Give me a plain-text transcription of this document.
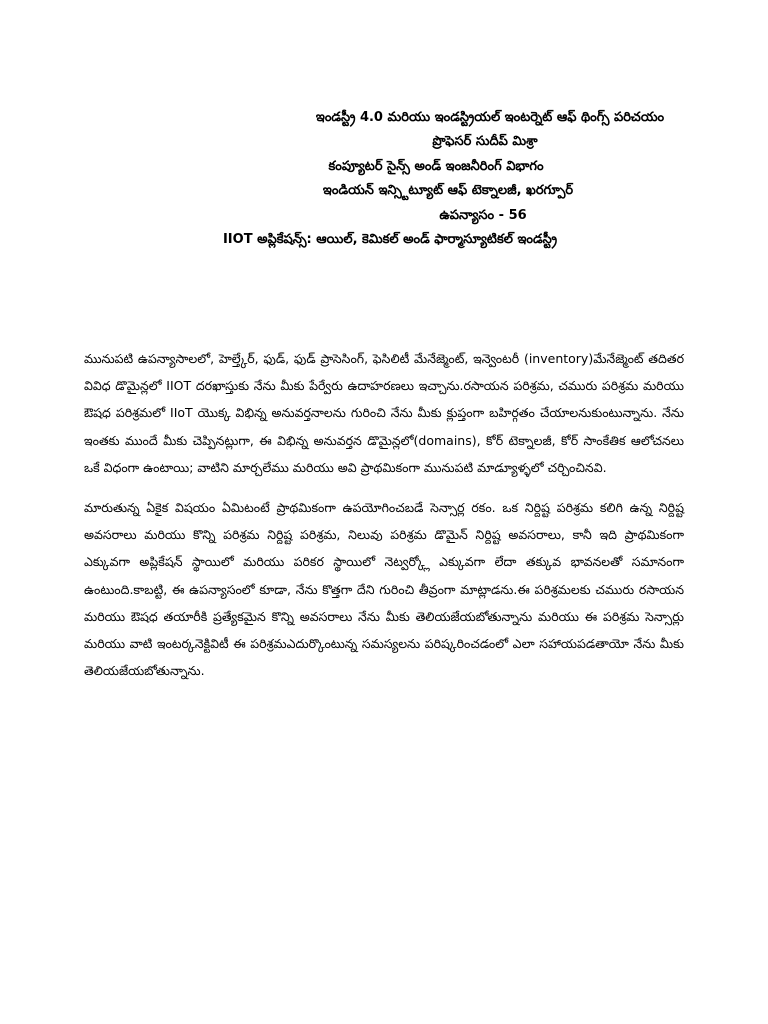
ఇండస్ట్రీ 4.0 మరియు ఇండస్ట్రియల్ ఇంటర్నెట్ ఆఫ్ థింగ్స్ పరిచయం
ప్రొఫెసర్ సుదీప్ మిశ్రా
కంప్యూటర్ సైన్స్ అండ్ ఇంజనీరింగ్ విభాగం
ఇండియన్ ఇన్స్టిట్యూట్ ఆఫ్ టెక్నాలజీ, ఖరగ్పూర్
ఉపన్యాసం - 56
IIOT అప్లికేషన్స్: ఆయిల్, కెమికల్ అండ్ ఫార్మాస్యూటికల్ ఇండస్ట్రీ

మునుపటి ఉపన్యాసాలలో, హెల్త్కేర్, ఫుడ్, ఫుడ్ ప్రాసెసింగ్, ఫెసిలిటీ మేనేజ్మెంట్, ఇన్వెంటరీ (inventory)మేనేజ్మెంట్ తదితర వివిధ డొమైన్లలో IIOT దరఖాస్తుకు నేను మీకు పేర్వేరు ఉదాహరణలు ఇచ్చాను.రసాయన పరిశ్రమ, చమురు పరిశ్రమ మరియు ఔషధ పరిశ్రమలో IIoT యొక్క విభిన్న అనువర్తనాలను గురించి నేను మీకు క్లుప్తంగా బహిర్గతం చేయాలనుకుంటున్నాను. నేను ఇంతకు ముందే మీకు చెప్పినట్లుగా, ఈ విభిన్న అనువర్తన డొమైన్లలో(domains), కోర్ టెక్నాలజీ, కోర్ సాంకేతిక ఆలోచనలు ఒకే విధంగా ఉంటాయి; వాటిని మార్చలేము మరియు అవి ప్రాథమికంగా మునుపటి మాడ్యూళ్ళలో చర్చించినవి.

మారుతున్న ఏకైక విషయం ఏమిటంటే ప్రాథమికంగా ఉపయోగించబడే సెన్సార్ల రకం. ఒక నిర్దిష్ట పరిశ్రమ కలిగి ఉన్న నిర్దిష్ట అవసరాలు మరియు కొన్ని పరిశ్రమ నిర్దిష్ట పరిశ్రమ, నిలువు పరిశ్రమ డొమైన్ నిర్దిష్ట అవసరాలు, కానీ ఇది ప్రాథమికంగా ఎక్కువగా అప్లికేషన్ స్థాయిలో మరియు పరికర స్థాయిలో నెట్వర్క్లో ఎక్కువగా లేదా తక్కువ భావనలతో సమానంగా ఉంటుంది.కాబట్టి, ఈ ఉపన్యాసంలో కూడా, నేను కొత్తగా దేని గురించి తీవ్రంగా మాట్లాడను.ఈ పరిశ్రమలకు చమురు రసాయన మరియు ఔషధ తయారీకి ప్రత్యేకమైన కొన్ని అవసరాలు నేను మీకు తెలియజేయబోతున్నాను మరియు ఈ పరిశ్రమ సెన్సార్లు మరియు వాటి ఇంటర్కనెక్టివిటీ ఈ పరిశ్రమఎదుర్కొంటున్న సమస్యలను పరిష్కరించడంలో ఎలా సహాయపడతాయో నేను మీకు తెలియజేయబోతున్నాను.
